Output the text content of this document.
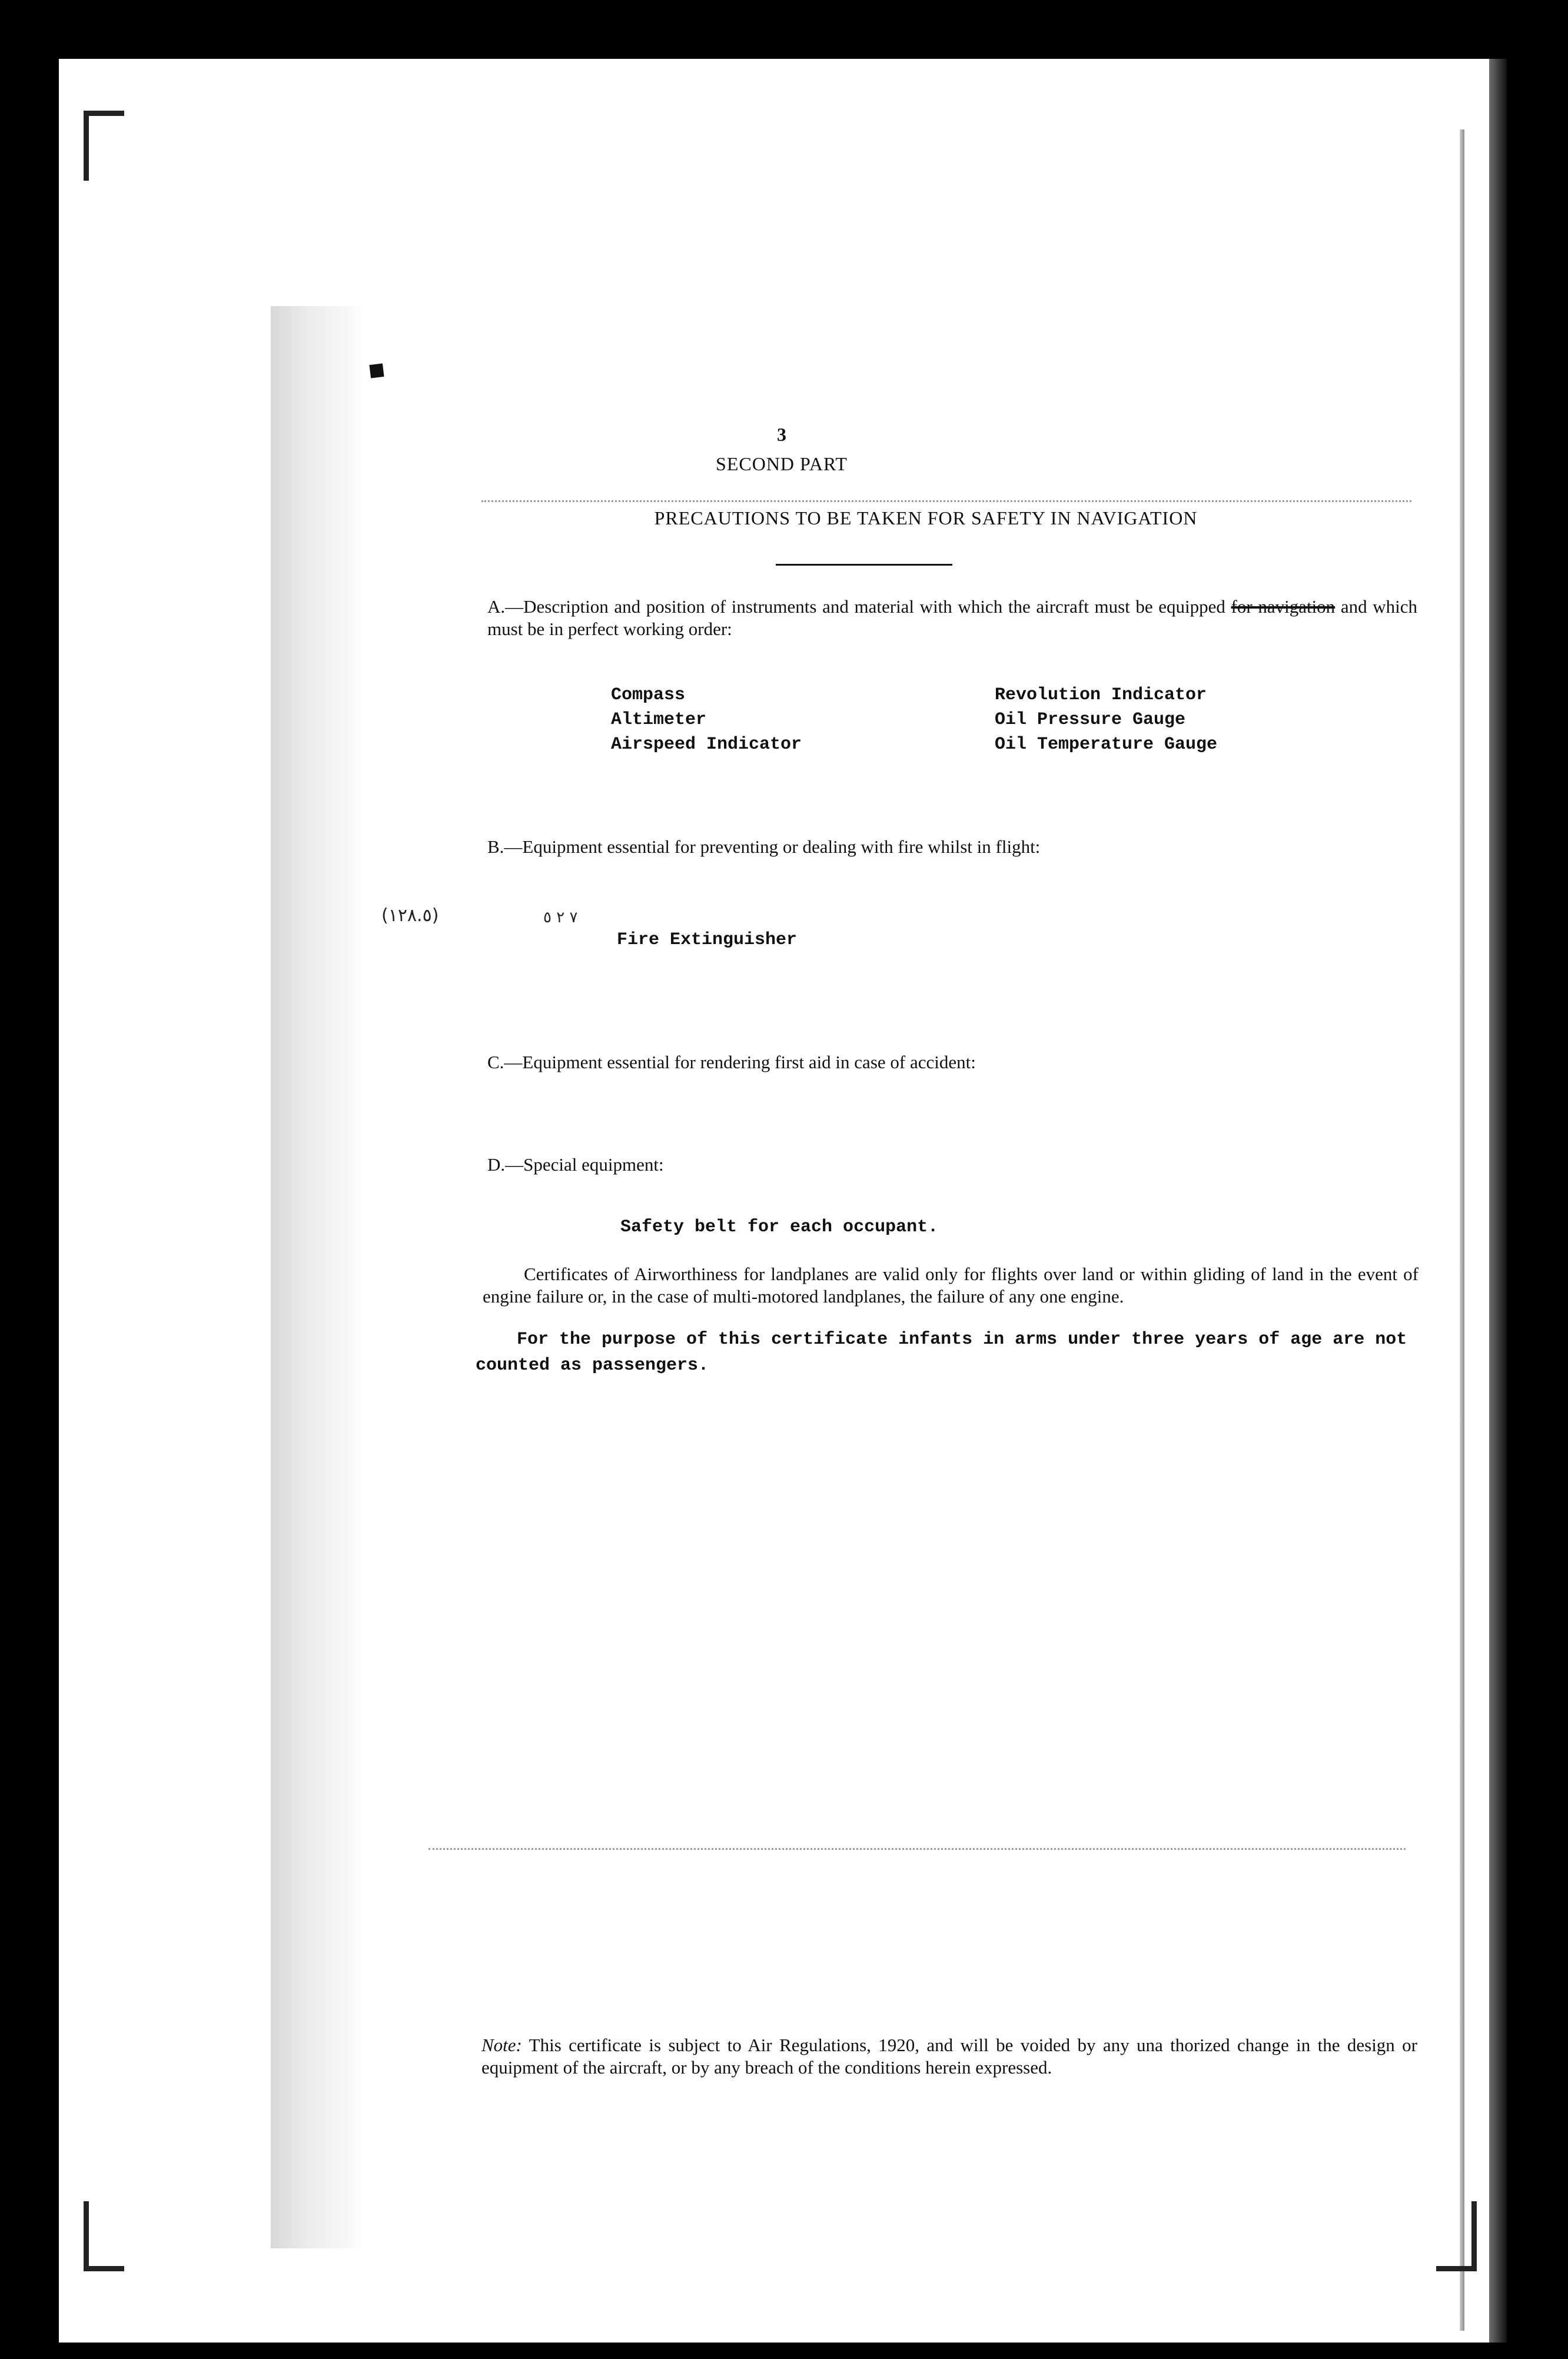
3
SECOND PART
PRECAUTIONS TO BE TAKEN FOR SAFETY IN NAVIGATION
A.—Description and position of instruments and material with which the aircraft must be equipped for navigation and which must be in perfect working order:
Compass
Altimeter
Airspeed Indicator
Revolution Indicator
Oil Pressure Gauge
Oil Temperature Gauge
B.—Equipment essential for preventing or dealing with fire whilst in flight:
(١٢٨.٥)	٧ ٢ ٥
Fire Extinguisher
C.—Equipment essential for rendering first aid in case of accident:
D.—Special equipment:
Safety belt for each occupant.
Certificates of Airworthiness for landplanes are valid only for flights over land or within gliding of land in the event of engine failure or, in the case of multi-motored landplanes, the failure of any one engine.
For the purpose of this certificate infants in arms under three years of age are not counted as passengers.
Note: This certificate is subject to Air Regulations, 1920, and will be voided by any una thorized change in the design or equipment of the aircraft, or by any breach of the conditions herein expressed.
